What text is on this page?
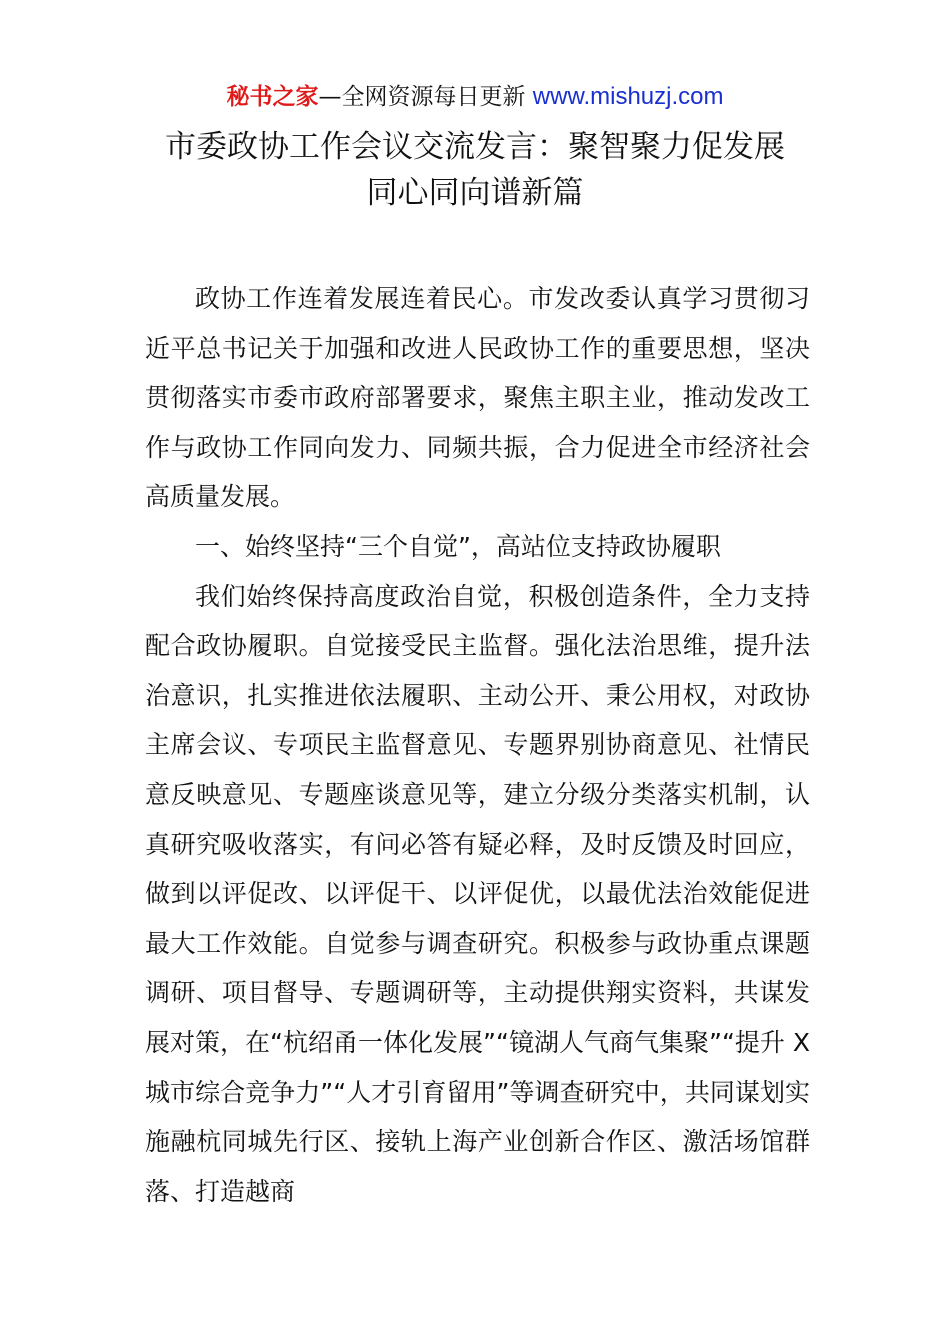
秘书之家—全网资源每日更新 www.mishuzj.com
市委政协工作会议交流发言：聚智聚力促发展
同心同向谱新篇

政协工作连着发展连着民心。市发改委认真学习贯彻习近平总书记关于加强和改进人民政协工作的重要思想，坚决贯彻落实市委市政府部署要求，聚焦主职主业，推动发改工作与政协工作同向发力、同频共振，合力促进全市经济社会高质量发展。

一、始终坚持“三个自觉”，高站位支持政协履职

我们始终保持高度政治自觉，积极创造条件，全力支持配合政协履职。自觉接受民主监督。强化法治思维，提升法治意识，扎实推进依法履职、主动公开、秉公用权，对政协主席会议、专项民主监督意见、专题界别协商意见、社情民意反映意见、专题座谈意见等，建立分级分类落实机制，认真研究吸收落实，有问必答有疑必释，及时反馈及时回应，做到以评促改、以评促干、以评促优，以最优法治效能促进最大工作效能。自觉参与调查研究。积极参与政协重点课题调研、项目督导、专题调研等，主动提供翔实资料，共谋发展对策，在“杭绍甬一体化发展”“镜湖人气商气集聚”“提升 X 城市综合竞争力”“人才引育留用”等调查研究中，共同谋划实施融杭同城先行区、接轨上海产业创新合作区、激活场馆群落、打造越商
